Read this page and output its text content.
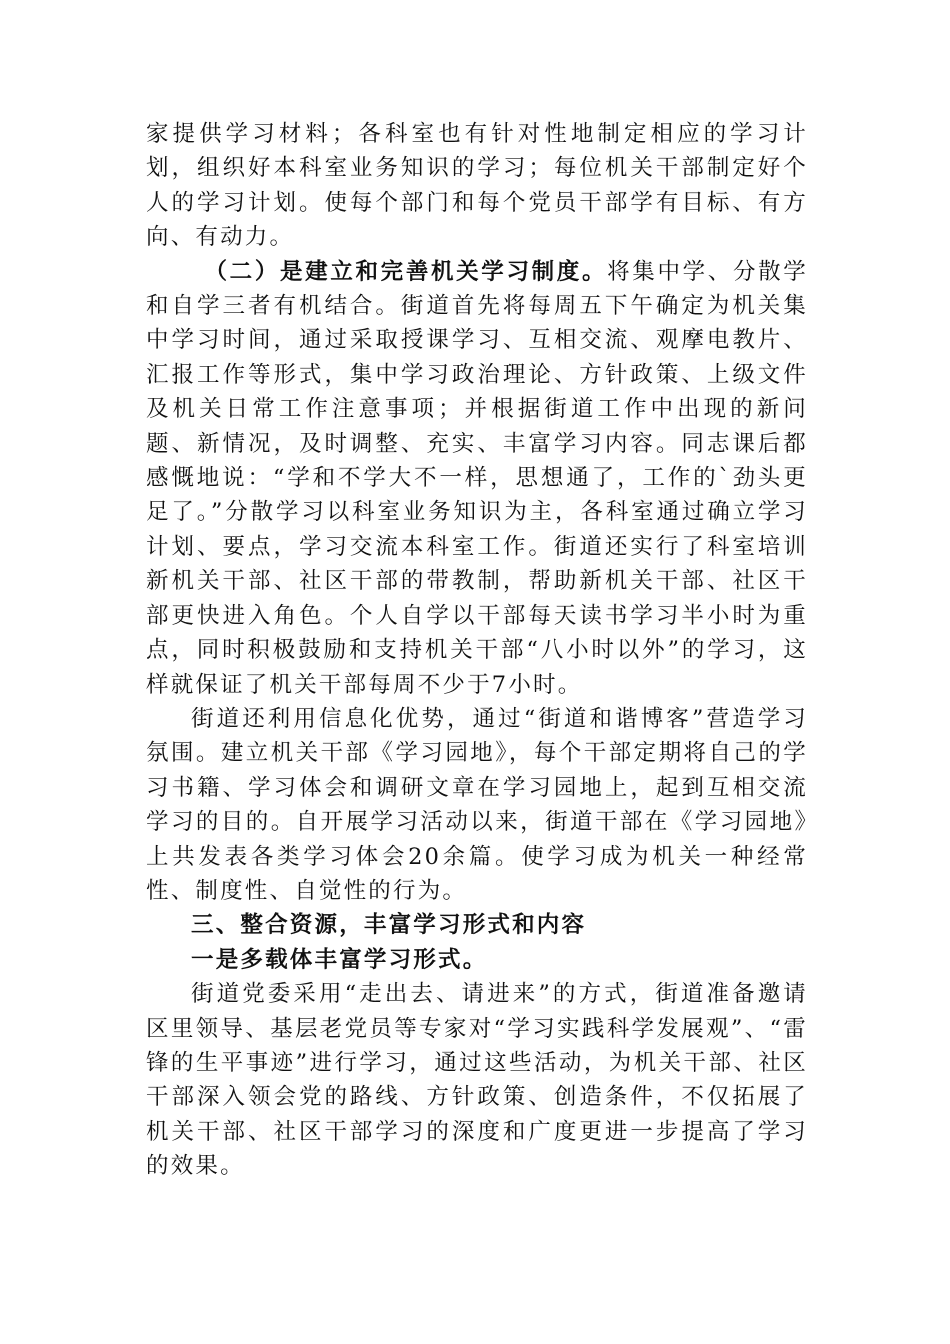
家提供学习材料；各科室也有针对性地制定相应的学习计划，组织好本科室业务知识的学习；每位机关干部制定好个人的学习计划。使每个部门和每个党员干部学有目标、有方向、有动力。

（二）是建立和完善机关学习制度。将集中学、分散学和自学三者有机结合。街道首先将每周五下午确定为机关集中学习时间，通过采取授课学习、互相交流、观摩电教片、汇报工作等形式，集中学习政治理论、方针政策、上级文件及机关日常工作注意事项；并根据街道工作中出现的新问题、新情况，及时调整、充实、丰富学习内容。同志课后都感慨地说：“学和不学大不一样，思想通了，工作的`劲头更足了。”分散学习以科室业务知识为主，各科室通过确立学习计划、要点，学习交流本科室工作。街道还实行了科室培训新机关干部、社区干部的带教制，帮助新机关干部、社区干部更快进入角色。个人自学以干部每天读书学习半小时为重点，同时积极鼓励和支持机关干部“八小时以外”的学习，这样就保证了机关干部每周不少于7小时。

街道还利用信息化优势，通过“街道和谐博客”营造学习氛围。建立机关干部《学习园地》，每个干部定期将自己的学习书籍、学习体会和调研文章在学习园地上，起到互相交流学习的目的。自开展学习活动以来，街道干部在《学习园地》上共发表各类学习体会20余篇。使学习成为机关一种经常性、制度性、自觉性的行为。

三、整合资源，丰富学习形式和内容

一是多载体丰富学习形式。

街道党委采用“走出去、请进来”的方式，街道准备邀请区里领导、基层老党员等专家对“学习实践科学发展观”、“雷锋的生平事迹”进行学习，通过这些活动，为机关干部、社区干部深入领会党的路线、方针政策、创造条件，不仅拓展了机关干部、社区干部学习的深度和广度更进一步提高了学习的效果。
